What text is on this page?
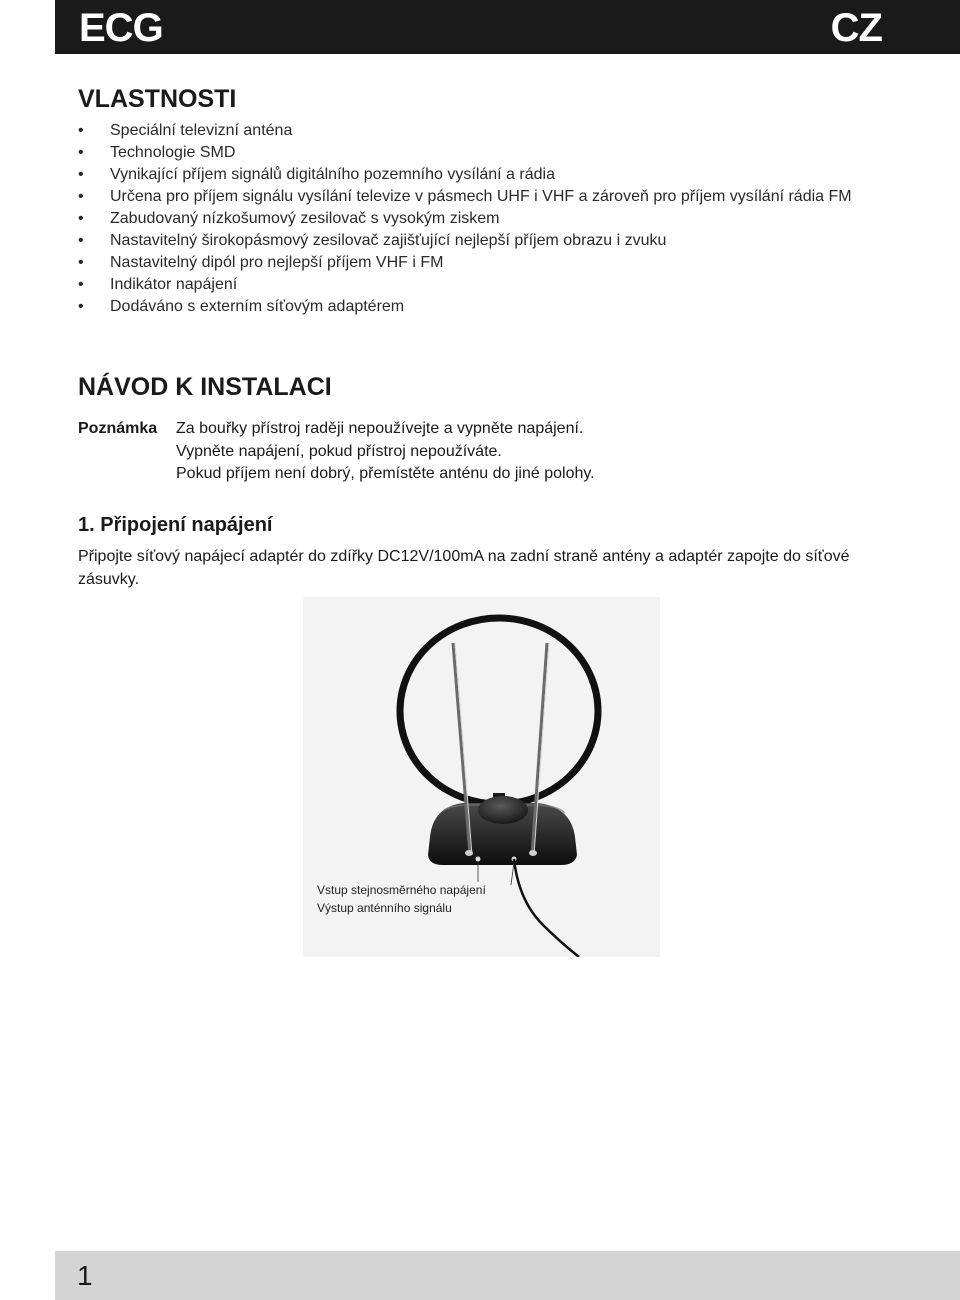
ECG	CZ
VLASTNOSTI
•	Speciální televizní anténa
•	Technologie SMD
•	Vynikající příjem signálů digitálního pozemního vysílání a rádia
•	Určena pro příjem signálu vysílání televize v pásmech UHF i VHF a zároveň pro příjem vysílání rádia FM
•	Zabudovaný nízkošumový zesilovač s vysokým ziskem
•	Nastavitelný širokopásmový zesilovač zajišťující nejlepší příjem obrazu i zvuku
•	Nastavitelný dipól pro nejlepší příjem VHF i FM
•	Indikátor napájení
•	Dodáváno s externím síťovým adaptérem
NÁVOD K INSTALACI
Poznámka	Za bouřky přístroj raději nepoužívejte a vypněte napájení.
Vypněte napájení, pokud přístroj nepoužíváte.
Pokud příjem není dobrý, přemístěte anténu do jiné polohy.
1. Připojení napájení

Připojte síťový napájecí adaptér do zdířky DC12V/100mA na zadní straně antény a adaptér zapojte do síťové zásuvky.

Vstup stejnosměrného napájení
Výstup anténního signálu
1
